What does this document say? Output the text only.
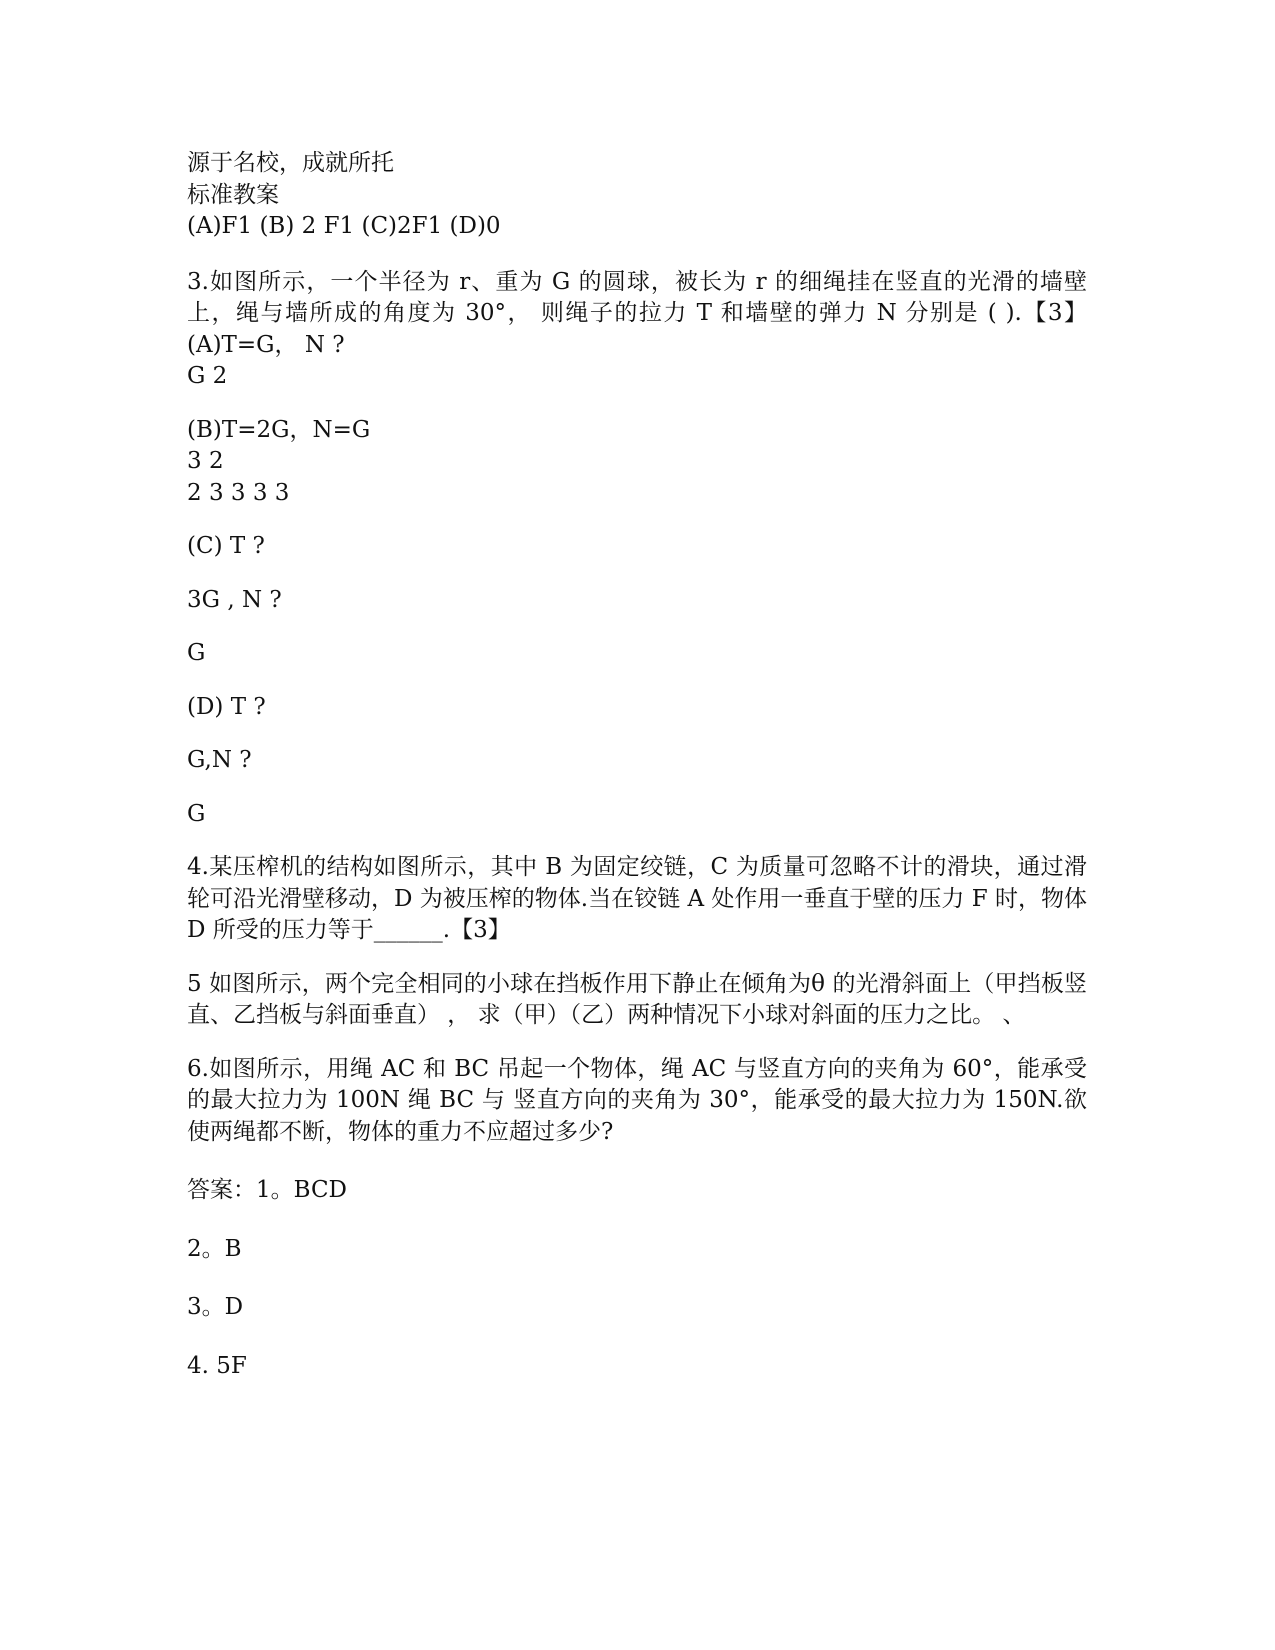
源于名校，成就所托
标准教案
(A)F1 (B) 2 F1 (C)2F1 (D)0
3.如图所示，一个半径为 r、重为 G 的圆球，被长为 r 的细绳挂在竖直的光滑的墙壁上，绳与墙所成的角度为 30°， 则绳子的拉力 T 和墙壁的弹力 N 分别是 ( ).【3】 (A)T=G， N ?
G 2
(B)T=2G，N=G
3 2
2 3 3 3 3
(C) T ?
3G , N ?
G
(D) T ?
G,N ?
G
4.某压榨机的结构如图所示，其中 B 为固定绞链，C 为质量可忽略不计的滑块，通过滑 轮可沿光滑壁移动，D 为被压榨的物体.当在铰链 A 处作用一垂直于壁的压力 F 时，物体 D 所受的压力等于______.【3】
5 如图所示，两个完全相同的小球在挡板作用下静止在倾角为θ 的光滑斜面上（甲挡板竖直、乙挡板与斜面垂直） ， 求（甲）（乙）两种情况下小球对斜面的压力之比。 、
6.如图所示，用绳 AC 和 BC 吊起一个物体，绳 AC 与竖直方向的夹角为 60°，能承受的最大拉力为 100N 绳 BC 与 竖直方向的夹角为 30°，能承受的最大拉力为 150N.欲使两绳都不断，物体的重力不应超过多少?
答案：1。BCD
2。B
3。D
4. 5F
